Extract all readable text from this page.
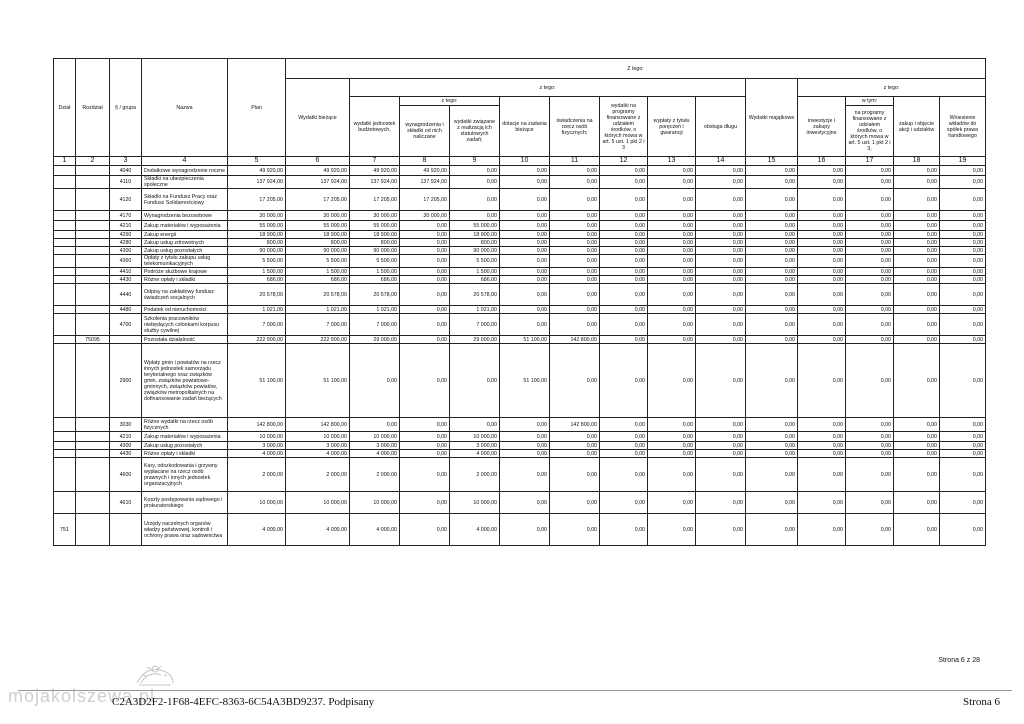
Dział	Rozdział	§ / grupa	Nazwa	Plan	Z tego:													
					Wydatki bieżące	z tego:								Wydatki majątkowe	z tego:			
						wydatki jednostek budżetowych,	z tego:		dotacje na zadania bieżące	świadczenia na rzecz osób fizycznych;	wydatki na programy finansowane z udziałem środków, o których mowa w art. 5 ust. 1 pkt 2 i 3	wypłaty z tytułu poręczeń i gwarancji	obsługa długu		inwestycje i zakupy inwestycyjne	w tym:	zakup i objęcie akcji i udziałów	Wniesienie wkładów do spółek prawa handlowego
							wynagrodzenia i składki od nich naliczane	wydatki związane z realizacją ich statutowych zadań;								na programy finansowane z udziałem środków, o których mowa w art. 5 ust. 1 pkt 2 i 3,		
1	2	3	4	5	6	7	8	9	10	11	12	13	14	15	16	17	18	19
		4040	Dodatkowe wynagrodzenie roczne	49 920,00	49 920,00	49 920,00	49 920,00	0,00	0,00	0,00	0,00	0,00	0,00	0,00	0,00	0,00	0,00	0,00
		4110	Składki na ubezpieczenia społeczne	137 924,00	137 924,00	137 924,00	137 924,00	0,00	0,00	0,00	0,00	0,00	0,00	0,00	0,00	0,00	0,00	0,00
		4120	Składki na Fundusz Pracy oraz Fundusz Solidarnościowy	17 205,00	17 205,00	17 205,00	17 205,00	0,00	0,00	0,00	0,00	0,00	0,00	0,00	0,00	0,00	0,00	0,00
		4170	Wynagrodzenia bezosobowe	30 000,00	30 000,00	30 000,00	30 000,00	0,00	0,00	0,00	0,00	0,00	0,00	0,00	0,00	0,00	0,00	0,00
		4210	Zakup materiałów i wyposażenia	55 000,00	55 000,00	55 000,00	0,00	55 000,00	0,00	0,00	0,00	0,00	0,00	0,00	0,00	0,00	0,00	0,00
		4260	Zakup energii	18 900,00	18 900,00	18 900,00	0,00	18 900,00	0,00	0,00	0,00	0,00	0,00	0,00	0,00	0,00	0,00	0,00
		4280	Zakup usług zdrowotnych	800,00	800,00	800,00	0,00	800,00	0,00	0,00	0,00	0,00	0,00	0,00	0,00	0,00	0,00	0,00
		4300	Zakup usług pozostałych	90 000,00	90 000,00	90 000,00	0,00	90 000,00	0,00	0,00	0,00	0,00	0,00	0,00	0,00	0,00	0,00	0,00
		4360	Opłaty z tytułu zakupu usług telekomunikacyjnych	5 500,00	5 500,00	5 500,00	0,00	5 500,00	0,00	0,00	0,00	0,00	0,00	0,00	0,00	0,00	0,00	0,00
		4410	Podróże służbowe krajowe	1 500,00	1 500,00	1 500,00	0,00	1 500,00	0,00	0,00	0,00	0,00	0,00	0,00	0,00	0,00	0,00	0,00
		4430	Różne opłaty i składki	686,00	686,00	686,00	0,00	686,00	0,00	0,00	0,00	0,00	0,00	0,00	0,00	0,00	0,00	0,00
		4440	Odpisy na zakładowy fundusz świadczeń socjalnych	20 578,00	20 578,00	20 578,00	0,00	20 578,00	0,00	0,00	0,00	0,00	0,00	0,00	0,00	0,00	0,00	0,00
		4480	Podatek od nieruchomości	1 021,00	1 021,00	1 021,00	0,00	1 021,00	0,00	0,00	0,00	0,00	0,00	0,00	0,00	0,00	0,00	0,00
		4700	Szkolenia pracowników niebędących członkami korpusu służby cywilnej	7 000,00	7 000,00	7 000,00	0,00	7 000,00	0,00	0,00	0,00	0,00	0,00	0,00	0,00	0,00	0,00	0,00
	75095		Pozostała działalność	222 900,00	222 900,00	29 000,00	0,00	29 000,00	51 100,00	142 800,00	0,00	0,00	0,00	0,00	0,00	0,00	0,00	0,00
		2900	Wpłaty gmin i powiatów na rzecz innych jednostek samorządu terytorialnego oraz związków gmin, związków powiatowo-gminnych, związków powiatów, związków metropolitalnych na dofinansowanie zadań bieżących	51 100,00	51 100,00	0,00	0,00	0,00	51 100,00	0,00	0,00	0,00	0,00	0,00	0,00	0,00	0,00	0,00
		3030	Różne wydatki na rzecz osób fizycznych	142 800,00	142 800,00	0,00	0,00	0,00	0,00	142 800,00	0,00	0,00	0,00	0,00	0,00	0,00	0,00	0,00
		4210	Zakup materiałów i wyposażenia	10 000,00	10 000,00	10 000,00	0,00	10 000,00	0,00	0,00	0,00	0,00	0,00	0,00	0,00	0,00	0,00	0,00
		4300	Zakup usług pozostałych	3 000,00	3 000,00	3 000,00	0,00	3 000,00	0,00	0,00	0,00	0,00	0,00	0,00	0,00	0,00	0,00	0,00
		4430	Różne opłaty i składki	4 000,00	4 000,00	4 000,00	0,00	4 000,00	0,00	0,00	0,00	0,00	0,00	0,00	0,00	0,00	0,00	0,00
		4600	Kary, odszkodowania i grzywny wypłacane na rzecz osób prawnych i innych jednostek organizacyjnych	2 000,00	2 000,00	2 000,00	0,00	2 000,00	0,00	0,00	0,00	0,00	0,00	0,00	0,00	0,00	0,00	0,00
		4610	Koszty postępowania sądowego i prokuratorskiego	10 000,00	10 000,00	10 000,00	0,00	10 000,00	0,00	0,00	0,00	0,00	0,00	0,00	0,00	0,00	0,00	0,00
751			Urzędy naczelnych organów władzy państwowej, kontroli i ochrony prawa oraz sądownictwa	4 000,00	4 000,00	4 000,00	0,00	4 000,00	0,00	0,00	0,00	0,00	0,00	0,00	0,00	0,00	0,00	0,00
Strona 6 z 28
mojakolszewa.pl
C2A3D2F2-1F68-4EFC-8363-6C54A3BD9237. Podpisany	Strona 6
